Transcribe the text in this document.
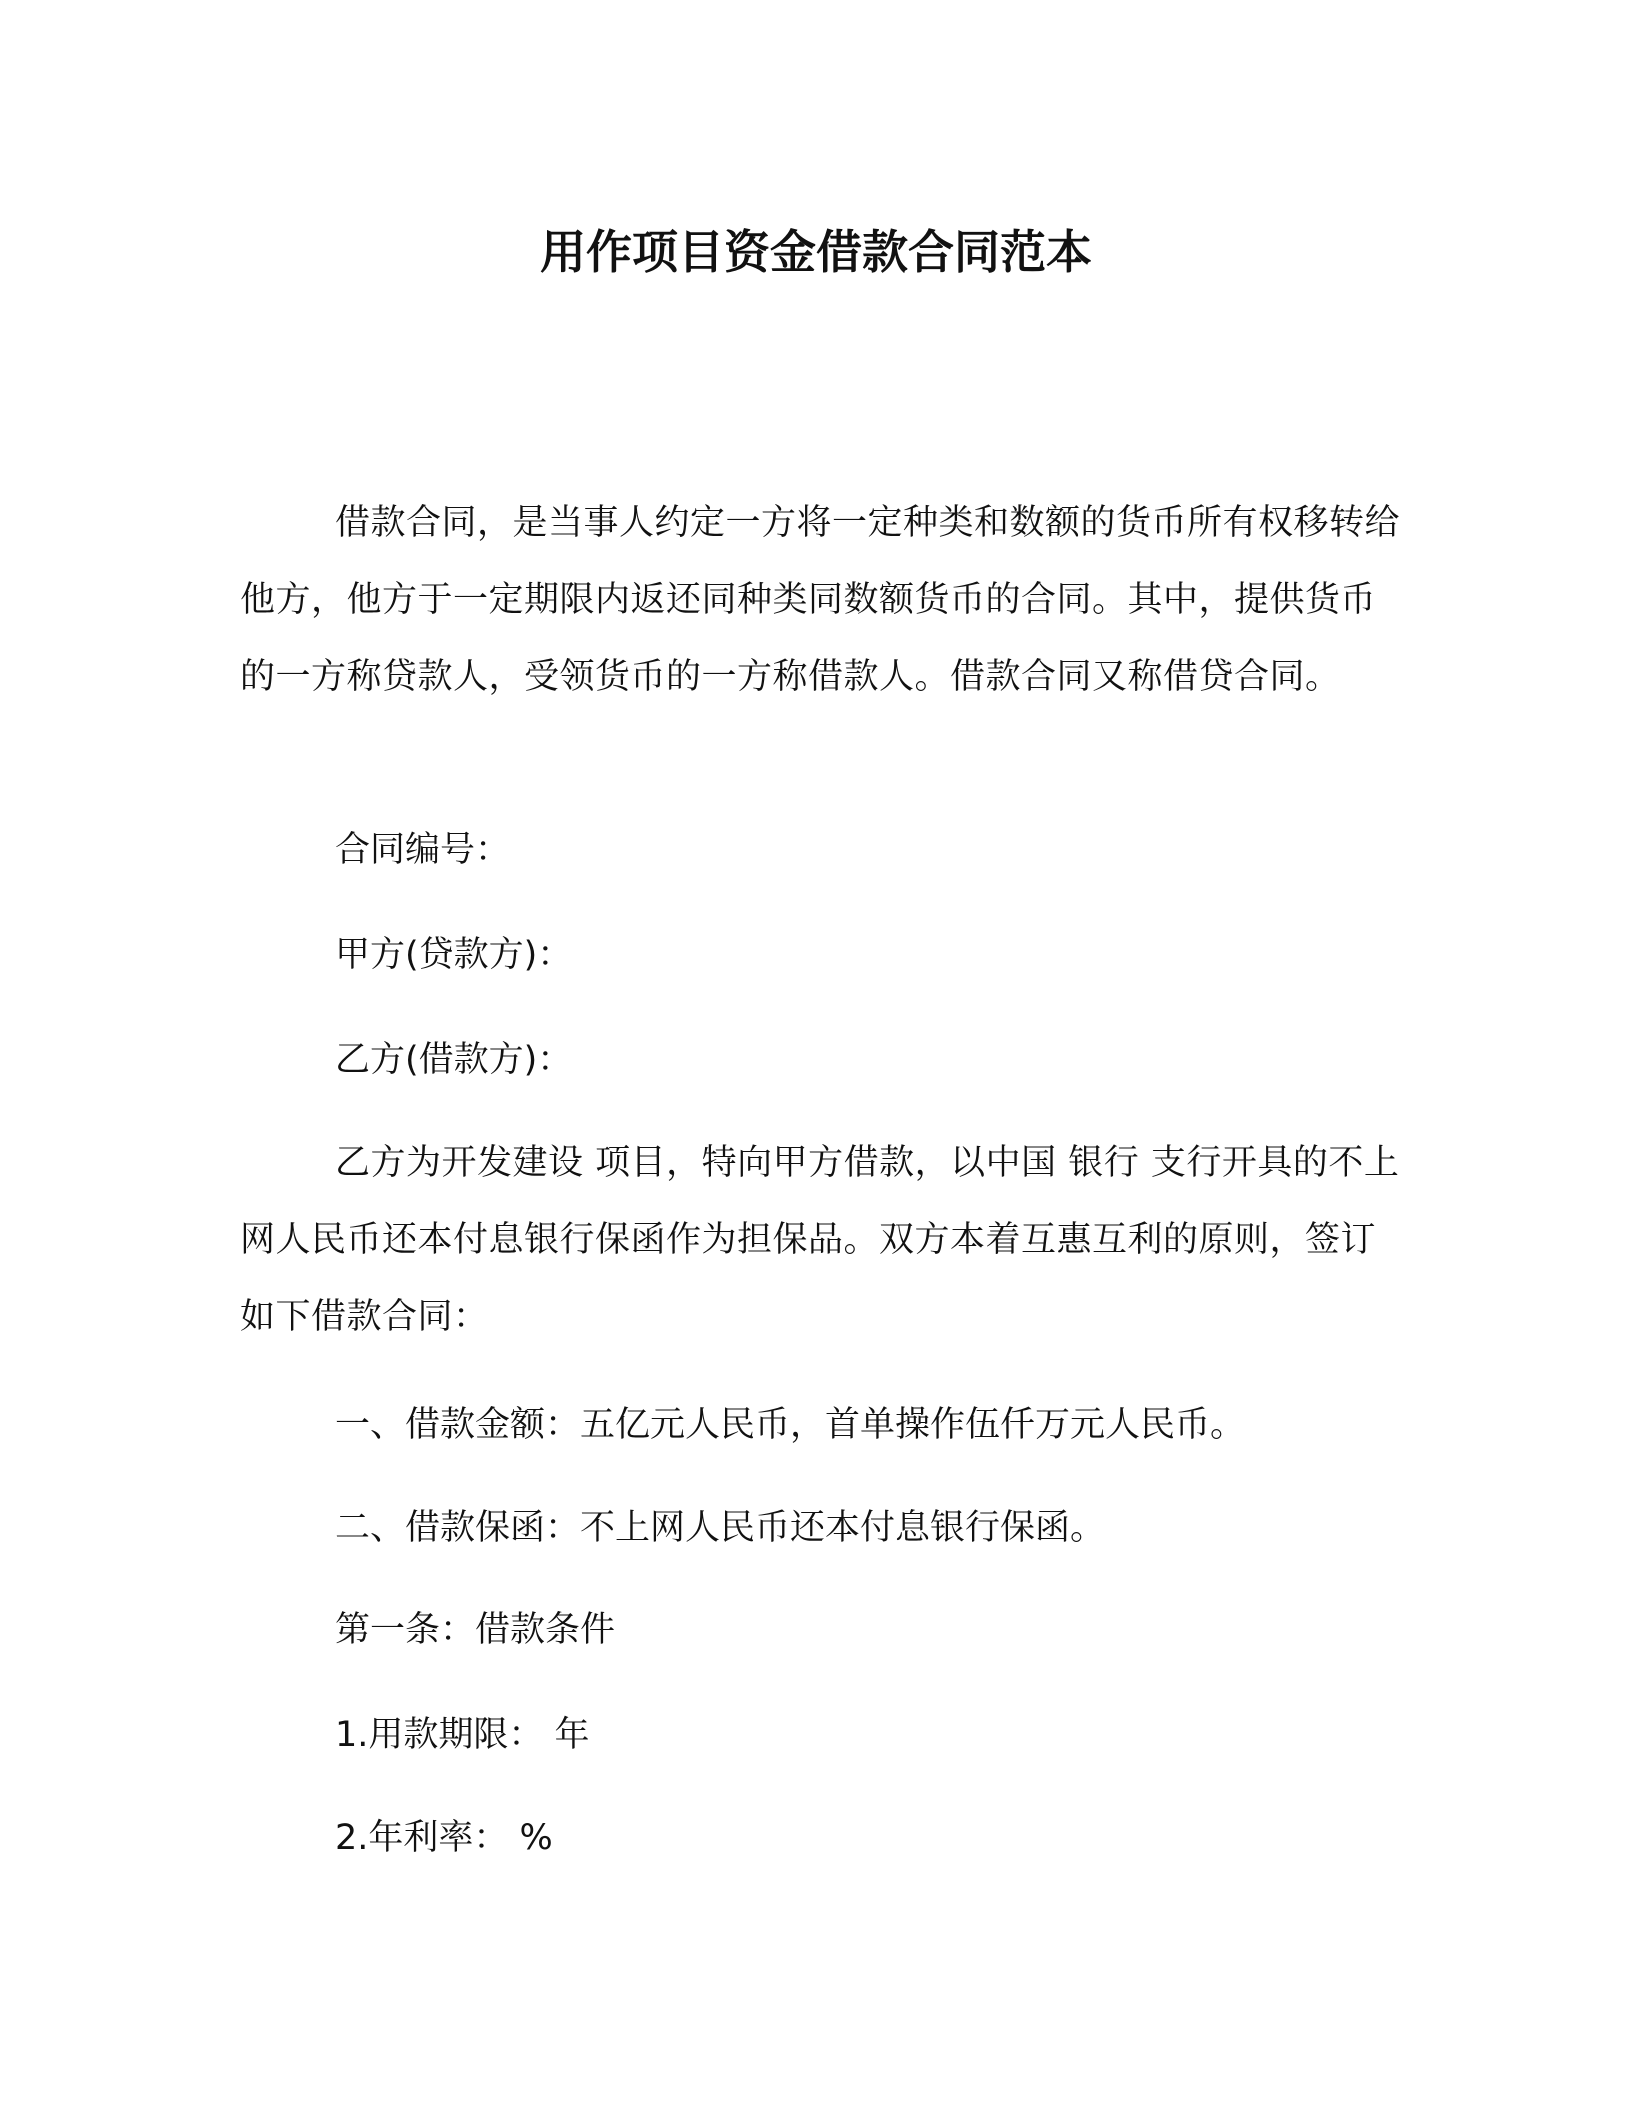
用作项目资金借款合同范本

借款合同，是当事人约定一方将一定种类和数额的货币所有权移转给他方，他方于一定期限内返还同种类同数额货币的合同。其中，提供货币的一方称贷款人，受领货币的一方称借款人。借款合同又称借贷合同。

合同编号：
甲方(贷款方)：
乙方(借款方)：

乙方为开发建设 项目，特向甲方借款，以中国 银行 支行开具的不上网人民币还本付息银行保函作为担保品。双方本着互惠互利的原则，签订如下借款合同：

一、借款金额：五亿元人民币，首单操作伍仟万元人民币。
二、借款保函：不上网人民币还本付息银行保函。
第一条：借款条件
1.用款期限： 年
2.年利率： %
